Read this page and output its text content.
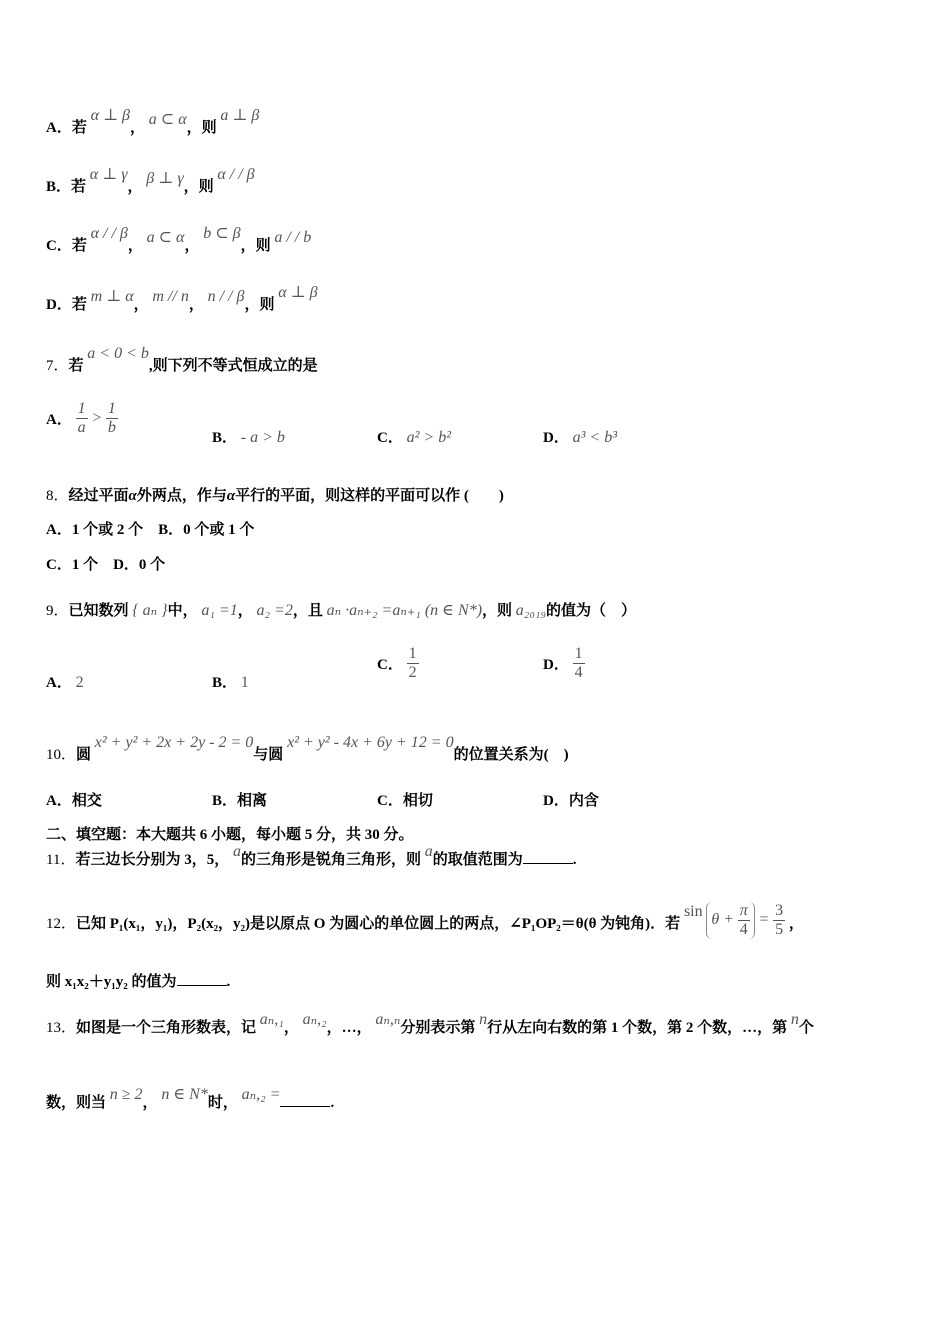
A．若 α ⊥ β， a ⊂ α，则 a ⊥ β
B．若 α ⊥ γ， β ⊥ γ，则 α / / β
C．若 α / / β， a ⊂ α， b ⊂ β，则 a / / b
D．若 m ⊥ α， m // n， n / / β，则 α ⊥ β
7．若 a < 0 < b,则下列不等式恒成立的是
A． $\frac{1}{a} > \frac{1}{b}$
B． - a > b	C． a² > b²	D． a³ < b³
8．经过平面α外两点，作与α平行的平面，则这样的平面可以作 (　　)
A．1 个或 2 个　B．0 个或 1 个
C．1 个　D．0 个
9．已知数列 { aₙ }中， a₁ =1， a₂ =2，且 aₙ ·aₙ₊₂ =aₙ₊₁ (n ∈ N*)，则 a₂₀₁₉的值为（　）
A． 2	B． 1
C． $\frac{1}{2}$	D． $\frac{1}{4}$
10．圆 x² + y² + 2x + 2y - 2 = 0与圆 x² + y² - 4x + 6y + 12 = 0的位置关系为(　)
A．相交	B．相离	C．相切	D．内含
二、填空题：本大题共 6 小题，每小题 5 分，共 30 分。
11．若三边长分别为 3，5， a的三角形是锐角三角形，则 a的取值范围为	.
12．已知 P₁(x₁，y₁)，P₂(x₂，y₂)是以原点 O 为圆心的单位圆上的两点，∠P₁OP₂＝θ(θ 为钝角)．若 $\sin \theta + \frac{\pi}{4} = \frac{3}{5}$ ，
则 x₁x₂＋y₁y₂ 的值为	.
13．如图是一个三角形数表，记 aₙ,₁， aₙ,₂，…， aₙ,ₙ分别表示第 n行从左向右数的第 1 个数，第 2 个数，…，第 n个
数，则当 n ≥ 2， n ∈ N*时， aₙ,₂ =	.
